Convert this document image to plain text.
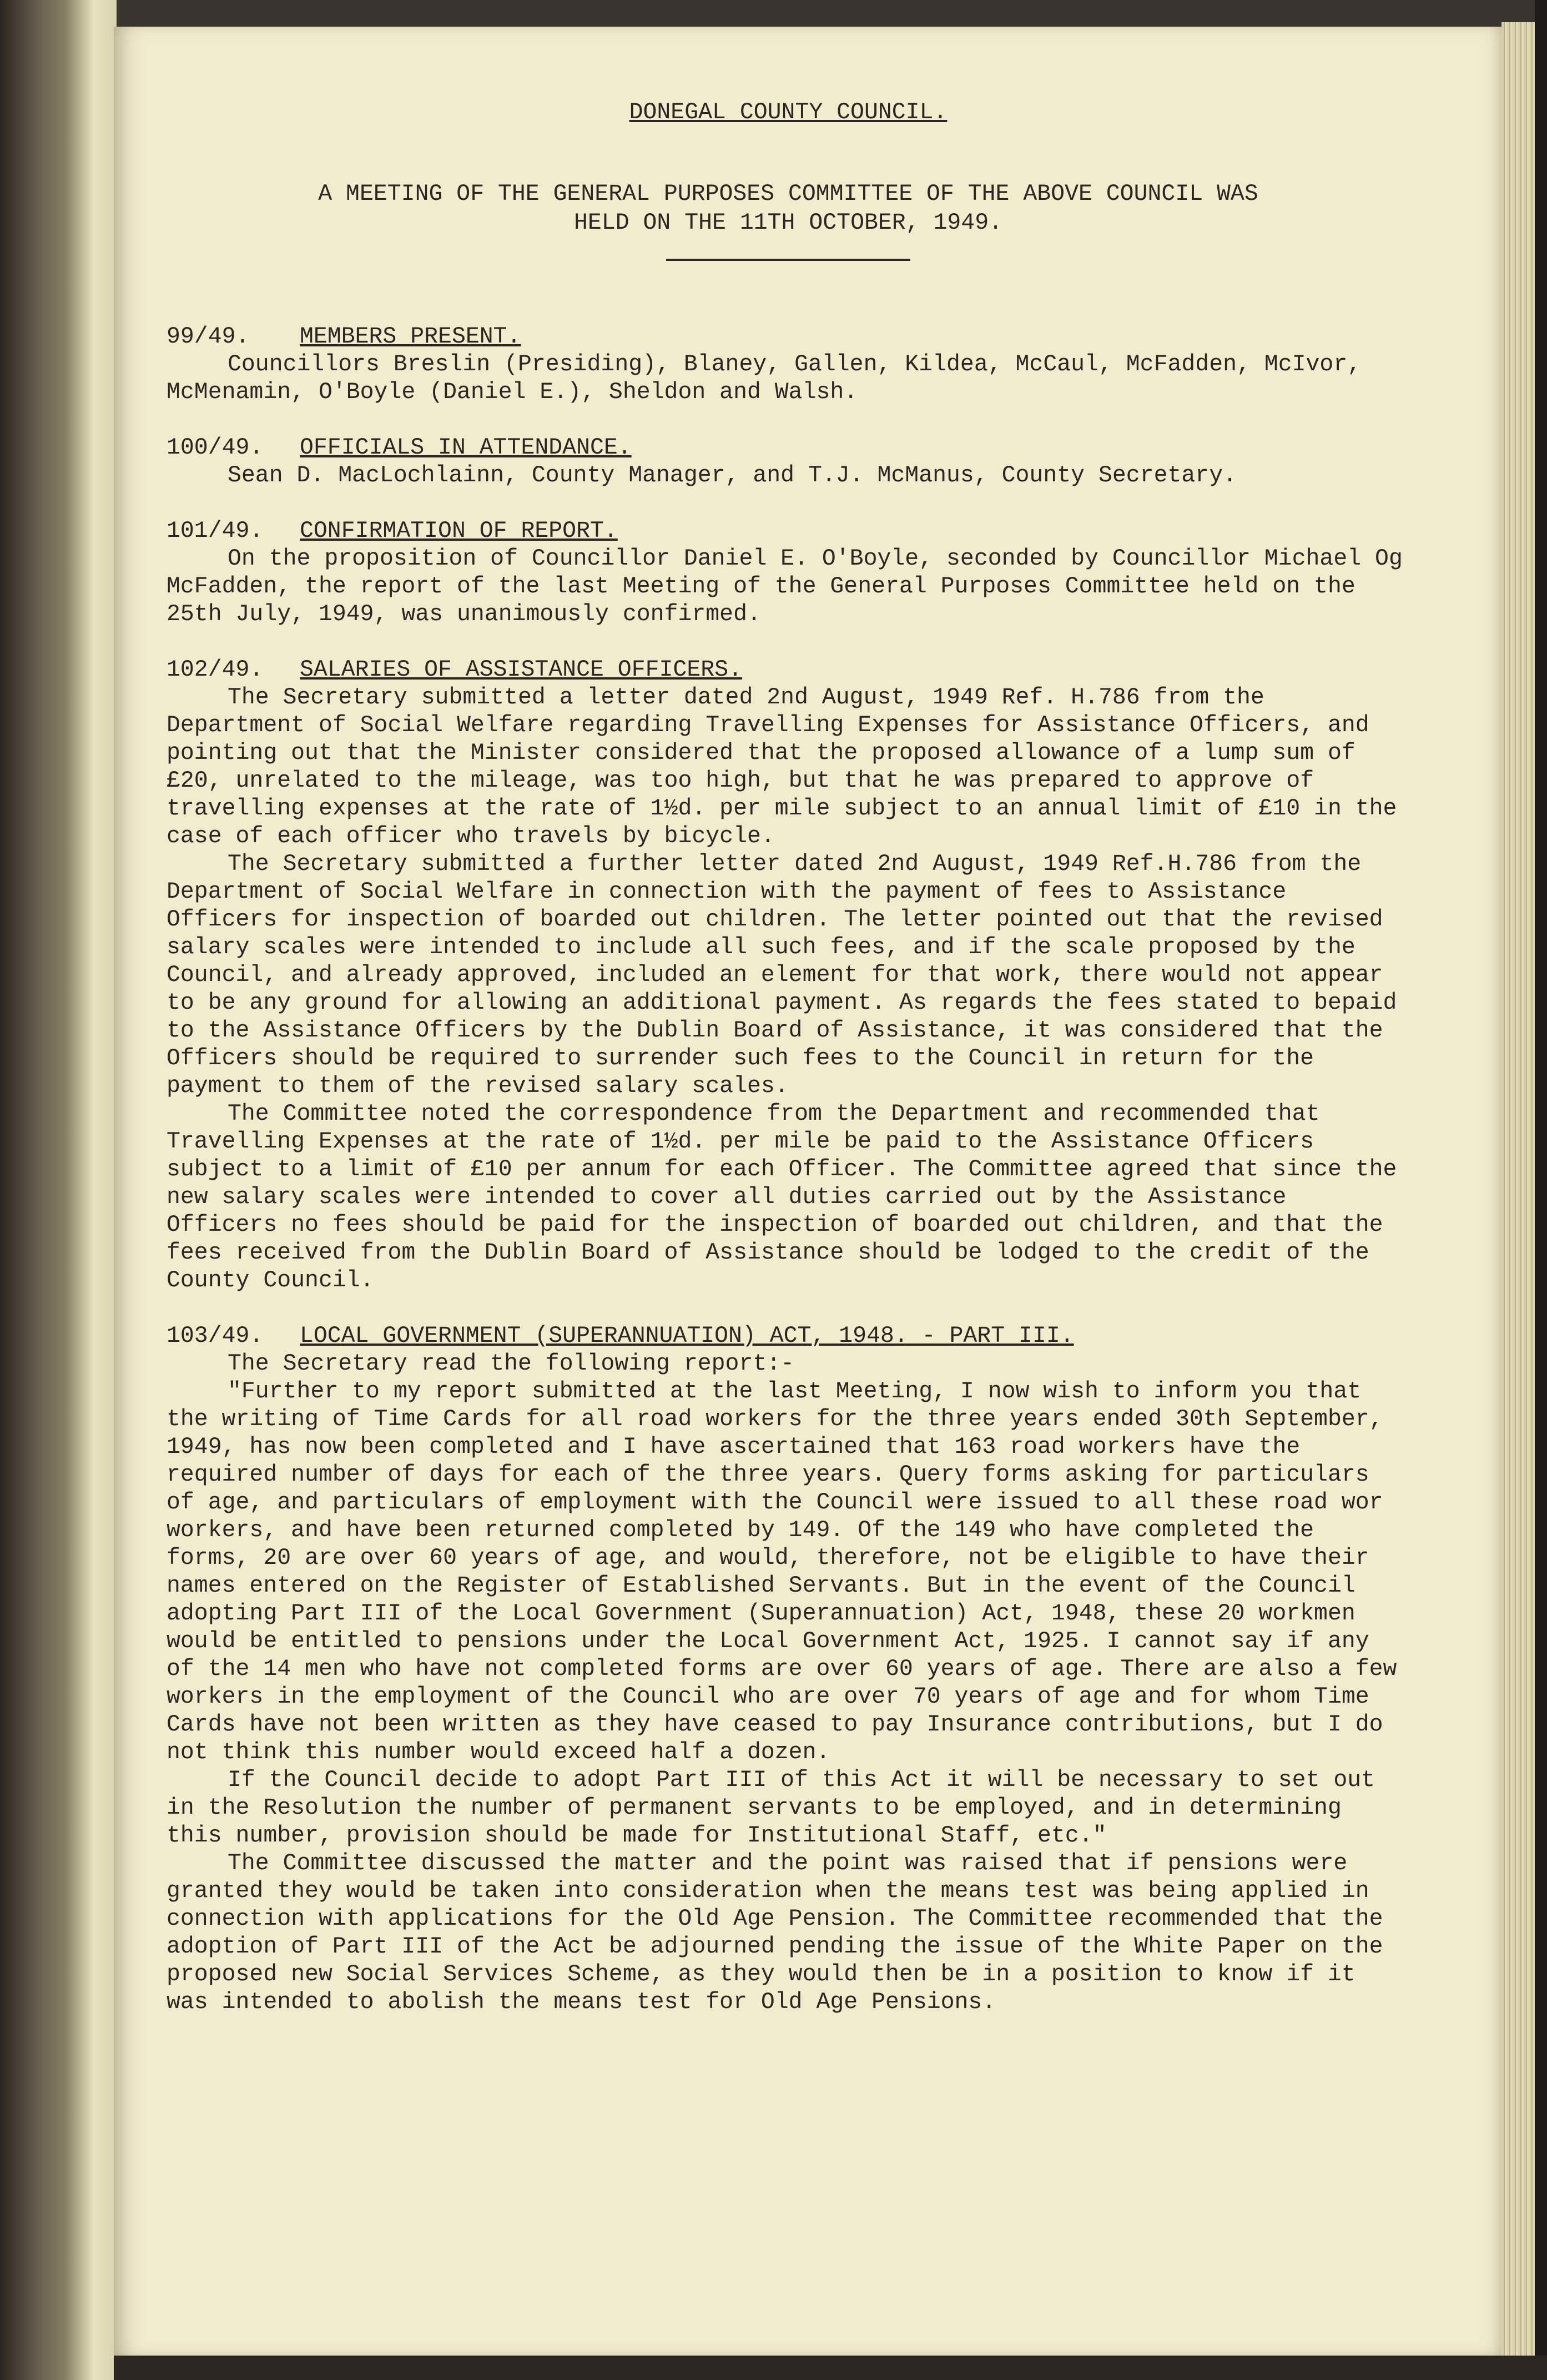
DONEGAL COUNTY COUNCIL.
A MEETING OF THE GENERAL PURPOSES COMMITTEE OF THE ABOVE COUNCIL WAS
HELD ON THE 11TH OCTOBER, 1949.
99/49. MEMBERS PRESENT.
Councillors Breslin (Presiding), Blaney, Gallen, Kildea, McCaul, McFadden, McIvor, McMenamin, O'Boyle (Daniel E.), Sheldon and Walsh.
100/49. OFFICIALS IN ATTENDANCE.
Sean D. MacLochlainn, County Manager, and T.J. McManus, County Secretary.
101/49. CONFIRMATION OF REPORT.
On the proposition of Councillor Daniel E. O'Boyle, seconded by Councillor Michael Og McFadden, the report of the last Meeting of the General Purposes Committee held on the 25th July, 1949, was unanimously confirmed.
102/49. SALARIES OF ASSISTANCE OFFICERS.
The Secretary submitted a letter dated 2nd August, 1949 Ref. H.786 from the Department of Social Welfare regarding Travelling Expenses for Assistance Officers, and pointing out that the Minister considered that the proposed allowance of a lump sum of £20, unrelated to the mileage, was too high, but that he was prepared to approve of travelling expenses at the rate of 1½d. per mile subject to an annual limit of £10 in the case of each officer who travels by bicycle.
The Secretary submitted a further letter dated 2nd August, 1949 Ref.H.786 from the Department of Social Welfare in connection with the payment of fees to Assistance Officers for inspection of boarded out children. The letter pointed out that the revised salary scales were intended to include all such fees, and if the scale proposed by the Council, and already approved, included an element for that work, there would not appear to be any ground for allowing an additional payment. As regards the fees stated to bepaid to the Assistance Officers by the Dublin Board of Assistance, it was considered that the Officers should be required to surrender such fees to the Council in return for the payment to them of the revised salary scales.
The Committee noted the correspondence from the Department and recommended that Travelling Expenses at the rate of 1½d. per mile be paid to the Assistance Officers subject to a limit of £10 per annum for each Officer. The Committee agreed that since the new salary scales were intended to cover all duties carried out by the Assistance Officers no fees should be paid for the inspection of boarded out children, and that the fees received from the Dublin Board of Assistance should be lodged to the credit of the County Council.
103/49. LOCAL GOVERNMENT (SUPERANNUATION) ACT, 1948. - PART III.
The Secretary read the following report:-
"Further to my report submitted at the last Meeting, I now wish to inform you that the writing of Time Cards for all road workers for the three years ended 30th September, 1949, has now been completed and I have ascertained that 163 road workers have the required number of days for each of the three years. Query forms asking for particulars of age, and particulars of employment with the Council were issued to all these road wor workers, and have been returned completed by 149. Of the 149 who have completed the forms, 20 are over 60 years of age, and would, therefore, not be eligible to have their names entered on the Register of Established Servants. But in the event of the Council adopting Part III of the Local Government (Superannuation) Act, 1948, these 20 workmen would be entitled to pensions under the Local Government Act, 1925. I cannot say if any of the 14 men who have not completed forms are over 60 years of age. There are also a few workers in the employment of the Council who are over 70 years of age and for whom Time Cards have not been written as they have ceased to pay Insurance contributions, but I do not think this number would exceed half a dozen.
If the Council decide to adopt Part III of this Act it will be necessary to set out in the Resolution the number of permanent servants to be employed, and in determining this number, provision should be made for Institutional Staff, etc."
The Committee discussed the matter and the point was raised that if pensions were granted they would be taken into consideration when the means test was being applied in connection with applications for the Old Age Pension. The Committee recommended that the adoption of Part III of the Act be adjourned pending the issue of the White Paper on the proposed new Social Services Scheme, as they would then be in a position to know if it was intended to abolish the means test for Old Age Pensions.
